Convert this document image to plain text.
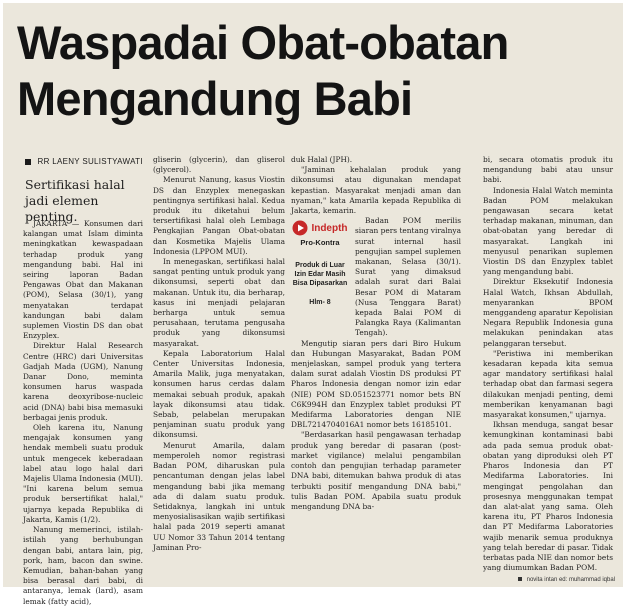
Waspadai Obat-obatan
Mengandung Babi
RR LAENY SULISTYAWATI
Sertifikasi halal jadi elemen penting.

JAKARTA — Konsumen dari kalangan umat Islam diminta meningkatkan kewaspadaan terhadap produk yang mengandung babi. Hal ini seiring laporan Badan Pengawas Obat dan Makanan (POM), Selasa (30/1), yang menyatakan terdapat kandungan babi dalam suplemen Viostin DS dan obat Enzyplex.

Direktur Halal Research Centre (HRC) dari Universitas Gadjah Mada (UGM), Nanung Danar Dono, meminta konsumen harus waspada karena deoxyribose-nucleic acid (DNA) babi bisa memasuki berbagai jenis produk.

Oleh karena itu, Nanung mengajak konsumen yang hendak membeli suatu produk untuk mengecek keberadaan label atau logo halal dari Majelis Ulama Indonesia (MUI). "Ini karena belum semua produk bersertifikat halal," ujarnya kepada Republika di Jakarta, Kamis (1/2).

Nanung memerinci, istilah-istilah yang berhubungan dengan babi, antara lain, pig, pork, ham, bacon dan swine. Kemudian, bahan-bahan yang bisa berasal dari babi, di antaranya, lemak (lard), asam lemak (fatty acid),

gliserin (glycerin), dan gliserol (glycerol).

Menurut Nanung, kasus Viostin DS dan Enzyplex menegaskan pentingnya sertifikasi halal. Kedua produk itu diketahui belum tersertifikasi halal oleh Lembaga Pengkajian Pangan Obat-obatan dan Kosmetika Majelis Ulama Indonesia (LPPOM MUI).

In menegaskan, sertifikasi halal sangat penting untuk produk yang dikonsumsi, seperti obat dan makanan. Untuk itu, dia berharap, kasus ini menjadi pelajaran berharga untuk semua perusahaan, terutama pengusaha produk yang dikonsumsi masyarakat.

Kepala Laboratorium Halal Center Universitas Indonesia, Amarila Malik, juga menyatakan, konsumen harus cerdas dalam memakai sebuah produk, apakah layak dikonsumsi atau tidak. Sebab, pelabelan merupakan penjaminan suatu produk yang dikonsumsi.

Menurut Amarila, dalam memperoleh nomor registrasi Badan POM, diharuskan pula pencantuman dengan jelas label mengandung babi jika memang ada di dalam suatu produk. Setidaknya, langkah ini untuk menyosialisasikan wajib sertifikasi halal pada 2019 seperti amanat UU Nomor 33 Tahun 2014 tentang Jaminan Pro-

duk Halal (JPH).

"Jaminan kehalalan produk yang dikonsumsi atau digunakan mendapat kepastian. Masyarakat menjadi aman dan nyaman," kata Amarila kepada Republika di Jakarta, kemarin.

Indepth
Pro-Kontra
Produk di Luar Izin Edar Masih Bisa Dipasarkan
Hlm- 8

Badan POM merilis siaran pers tentang viralnya surat internal hasil pengujian sampel suplemen makanan, Selasa (30/1). Surat yang dimaksud adalah surat dari Balai Besar POM di Mataram (Nusa Tenggara Barat) kepada Balai POM di Palangka Raya (Kalimantan Tengah).

Mengutip siaran pers dari Biro Hukum dan Hubungan Masyarakat, Badan POM menjelaskan, sampel produk yang tertera dalam surat adalah Viostin DS produksi PT Pharos Indonesia dengan nomor izin edar (NIE) POM SD.051523771 nomor bets BN C6K994H dan Enzyplex tablet produksi PT Medifarma Laboratories dengan NIE DBL7214704016A1 nomor bets 16185101.

"Berdasarkan hasil pengawasan terhadap produk yang beredar di pasaran (post-market vigilance) melalui pengambilan contoh dan pengujian terhadap parameter DNA babi, ditemukan bahwa produk di atas terbukti positif mengandung DNA babi," tulis Badan POM. Apabila suatu produk mengandung DNA ba-

bi, secara otomatis produk itu mengandung babi atau unsur babi.

Indonesia Halal Watch meminta Badan POM melakukan pengawasan secara ketat terhadap makanan, minuman, dan obat-obatan yang beredar di masyarakat. Langkah ini menyusul penarikan suplemen Viostin DS dan Enzyplex tablet yang mengandung babi.

Direktur Eksekutif Indonesia Halal Watch, Ikhsan Abdullah, menyarankan BPOM menggandeng aparatur Kepolisian Negara Republik Indonesia guna melakukan penindakan atas pelanggaran tersebut.

"Peristiwa ini memberikan kesadaran kepada kita semua agar mandatory sertifikasi halal terhadap obat dan farmasi segera dilakukan menjadi penting, demi memberikan kenyamanan bagi masyarakat konsumen," ujarnya.

Ikhsan menduga, sangat besar kemungkinan kontaminasi babi ada pada semua produk obat-obatan yang diproduksi oleh PT Pharos Indonesia dan PT Medifarma Laboratories. Ini mengingat pengolahan dan prosesnya menggunakan tempat dan alat-alat yang sama. Oleh karena itu, PT Pharos Indonesia dan PT Medifarma Laboratories wajib menarik semua produknya yang telah beredar di pasar. Tidak terbatas pada NIE dan nomor bets yang diumumkan Badan POM.

novita intan ed: muhammad iqbal
